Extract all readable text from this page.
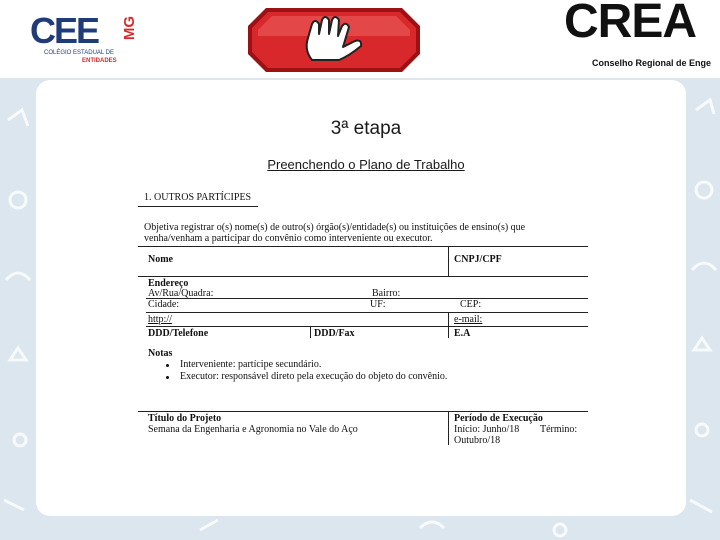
CEE MG
COLÉGIO ESTADUAL DE
ENTIDADES
CREA
Conselho Regional de Enge
3ª etapa
Preenchendo o Plano de Trabalho
1. OUTROS PARTÍCIPES
Objetiva registrar o(s) nome(s) de outro(s) órgão(s)/entidade(s) ou instituições de ensino(s) que
venha/venham a participar do convênio como interveniente ou executor.
Nome	CNPJ/CPF
Endereço
Av/Rua/Quadra:	Bairro:
Cidade:	UF:	CEP:
http://	e-mail:
DDD/Telefone	DDD/Fax	E.A
Notas
Interveniente: partícipe secundário.
Executor: responsável direto pela execução do objeto do convênio.
Título do Projeto
Semana da Engenharia e Agronomia no Vale do Aço
Período de Execução
Início: Junho/18 Término:
Outubro/18
